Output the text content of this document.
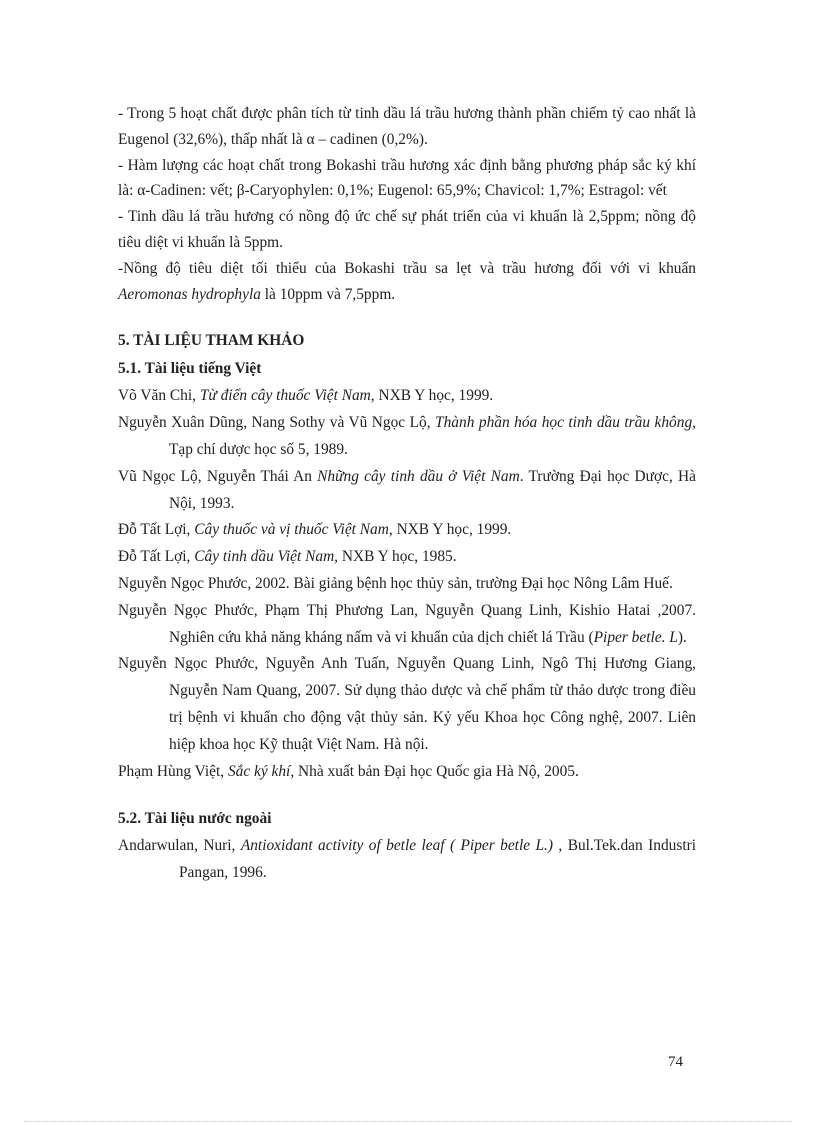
- Trong 5 hoạt chất được phân tích từ tinh dầu lá trầu hương thành phần chiếm tỷ cao nhất là Eugenol (32,6%), thấp nhất là α – cadinen (0,2%).

- Hàm lượng các hoạt chất trong Bokashi trầu hương xác định bằng phương pháp sắc ký khí là: α-Cadinen: vết; β-Caryophylen: 0,1%; Eugenol: 65,9%; Chavicol: 1,7%; Estragol: vết

- Tinh dầu lá trầu hương có nồng độ ức chế sự phát triển của vi khuẩn là 2,5ppm; nồng độ tiêu diệt vi khuẩn là 5ppm.

-Nồng độ tiêu diệt tối thiểu của Bokashi trầu sa lẹt và trầu hương đối với vi khuẩn Aeromonas hydrophyla là 10ppm và 7,5ppm.

5. TÀI LIỆU THAM KHẢO

5.1. Tài liệu tiếng Việt

Võ Văn Chi, Từ điển cây thuốc Việt Nam, NXB Y học, 1999.

Nguyễn Xuân Dũng, Nang Sothy và Vũ Ngọc Lộ, Thành phần hóa học tinh dầu trầu không, Tạp chí dược học số 5, 1989.

Vũ Ngọc Lộ, Nguyễn Thái An Những cây tinh dầu ở Việt Nam. Trường Đại học Dược, Hà Nội, 1993.

Đỗ Tất Lợi, Cây thuốc và vị thuốc Việt Nam, NXB Y học, 1999.

Đỗ Tất Lợi, Cây tinh dầu Việt Nam, NXB Y học, 1985.

Nguyễn Ngọc Phước, 2002. Bài giảng bệnh học thủy sản, trường Đại học Nông Lâm Huế.

Nguyễn Ngọc Phước, Phạm Thị Phương Lan, Nguyễn Quang Linh, Kishio Hatai ,2007. Nghiên cứu khả năng kháng nấm và vi khuẩn của dịch chiết lá Trầu (Piper betle. L).

Nguyễn Ngọc Phước, Nguyễn Anh Tuấn, Nguyễn Quang Linh, Ngô Thị Hương Giang, Nguyễn Nam Quang, 2007. Sử dụng thảo dược và chế phẩm từ thảo dược trong điều trị bệnh vi khuẩn cho động vật thủy sản. Kỷ yếu Khoa học Công nghệ, 2007. Liên hiệp khoa học Kỹ thuật Việt Nam. Hà nội.

Phạm Hùng Việt, Sắc ký khí, Nhà xuất bản Đại học Quốc gia Hà Nộ, 2005.

5.2. Tài liệu nước ngoài

Andarwulan, Nuri, Antioxidant activity of betle leaf ( Piper betle L.) , Bul.Tek.dan Industri Pangan, 1996.

74
